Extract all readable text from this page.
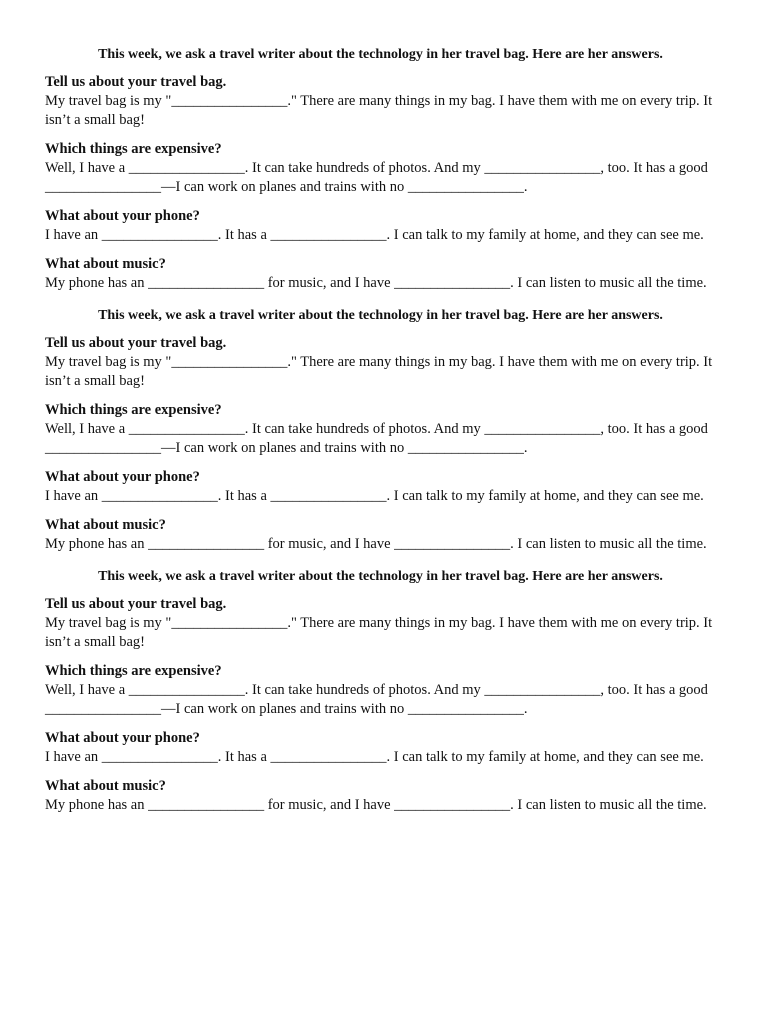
This week, we ask a travel writer about the technology in her travel bag. Here are her answers.

Tell us about your travel bag.

My travel bag is my "________________." There are many things in my bag. I have them with me on every trip. It isn’t a small bag!

Which things are expensive?

Well, I have a ________________. It can take hundreds of photos. And my ________________, too. It has a good ________________—I can work on planes and trains with no ________________.

What about your phone?

I have an ________________. It has a ________________. I can talk to my family at home, and they can see me.

What about music?

My phone has an ________________ for music, and I have ________________. I can listen to music all the time.

This week, we ask a travel writer about the technology in her travel bag. Here are her answers.

Tell us about your travel bag.

My travel bag is my "________________." There are many things in my bag. I have them with me on every trip. It isn’t a small bag!

Which things are expensive?

Well, I have a ________________. It can take hundreds of photos. And my ________________, too. It has a good ________________—I can work on planes and trains with no ________________.

What about your phone?

I have an ________________. It has a ________________. I can talk to my family at home, and they can see me.

What about music?

My phone has an ________________ for music, and I have ________________. I can listen to music all the time.

This week, we ask a travel writer about the technology in her travel bag. Here are her answers.

Tell us about your travel bag.

My travel bag is my "________________." There are many things in my bag. I have them with me on every trip. It isn’t a small bag!

Which things are expensive?

Well, I have a ________________. It can take hundreds of photos. And my ________________, too. It has a good ________________—I can work on planes and trains with no ________________.

What about your phone?

I have an ________________. It has a ________________. I can talk to my family at home, and they can see me.

What about music?

My phone has an ________________ for music, and I have ________________. I can listen to music all the time.
